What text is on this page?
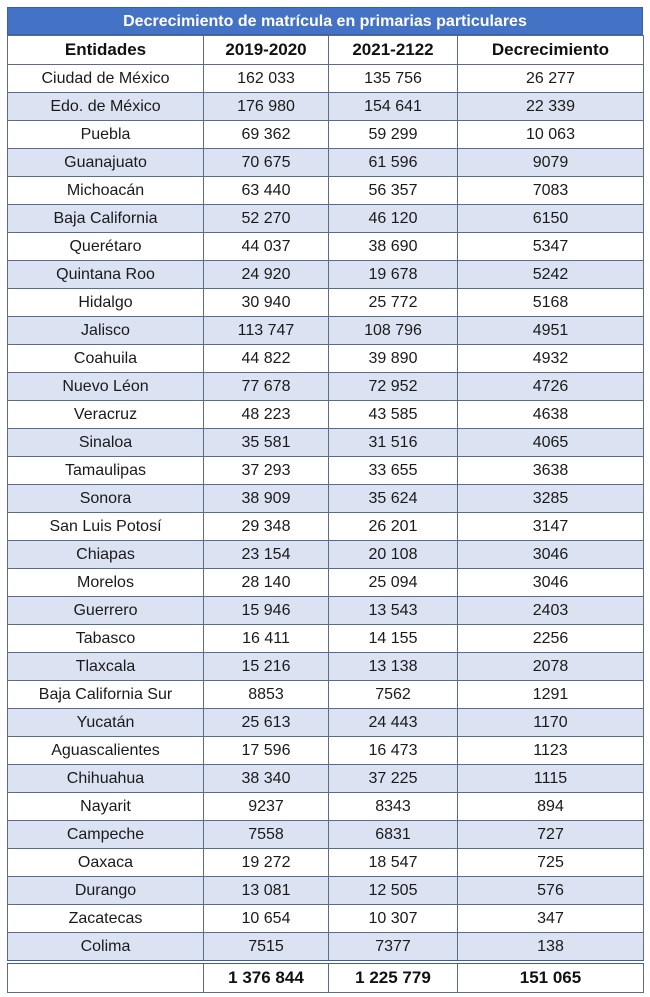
Decrecimiento de matrícula en primarias particulares
Entidades	2019-2020	2021-2122	Decrecimiento
Ciudad de México	162 033	135 756	26 277
Edo. de México	176 980	154 641	22 339
Puebla	69 362	59 299	10 063
Guanajuato	70 675	61 596	9079
Michoacán	63 440	56 357	7083
Baja California	52 270	46 120	6150
Querétaro	44 037	38 690	5347
Quintana Roo	24 920	19 678	5242
Hidalgo	30 940	25 772	5168
Jalisco	113 747	108 796	4951
Coahuila	44 822	39 890	4932
Nuevo Léon	77 678	72 952	4726
Veracruz	48 223	43 585	4638
Sinaloa	35 581	31 516	4065
Tamaulipas	37 293	33 655	3638
Sonora	38 909	35 624	3285
San Luis Potosí	29 348	26 201	3147
Chiapas	23 154	20 108	3046
Morelos	28 140	25 094	3046
Guerrero	15 946	13 543	2403
Tabasco	16 411	14 155	2256
Tlaxcala	15 216	13 138	2078
Baja California Sur	8853	7562	1291
Yucatán	25 613	24 443	1170
Aguascalientes	17 596	16 473	1123
Chihuahua	38 340	37 225	1115
Nayarit	9237	8343	894
Campeche	7558	6831	727
Oaxaca	19 272	18 547	725
Durango	13 081	12 505	576
Zacatecas	10 654	10 307	347
Colima	7515	7377	138
	1 376 844	1 225 779	151 065
